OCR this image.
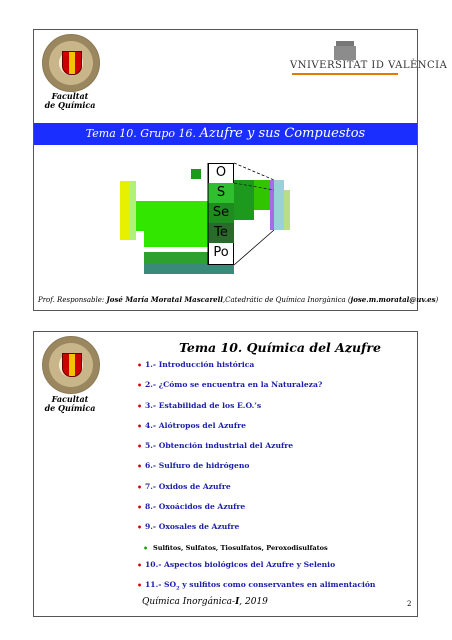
Facultat
de Química
VNIVERSITAT ID VALÈNCIA
Tema 10. Grupo 16. Azufre y sus Compuestos
O
S
Se
Te
Po
Prof. Responsable: José María Moratal Mascarell,Catedrátic de Química Inorgànica (jose.m.moratal@uv.es)
Facultat
de Química
Tema 10. Química del Azufre
• 1.- Introducción histórica
• 2.- ¿Cómo se encuentra en la Naturaleza?
• 3.- Estabilidad de los E.O.’s
• 4.- Alótropos del Azufre
• 5.- Obtención industrial del Azufre
• 6.- Sulfuro de hidrógeno
• 7.- Oxidos de Azufre
• 8.- Oxoácidos de Azufre
• 9.- Oxosales de Azufre
• Sulfitos, Sulfatos, Tiosulfatos, Peroxodisulfatos
• 10.- Aspectos biológicos del Azufre y Selenio
• 11.- $SO_2$ y sulfitos como conservantes en alimentación
Química Inorgánica-I, 2019	2
